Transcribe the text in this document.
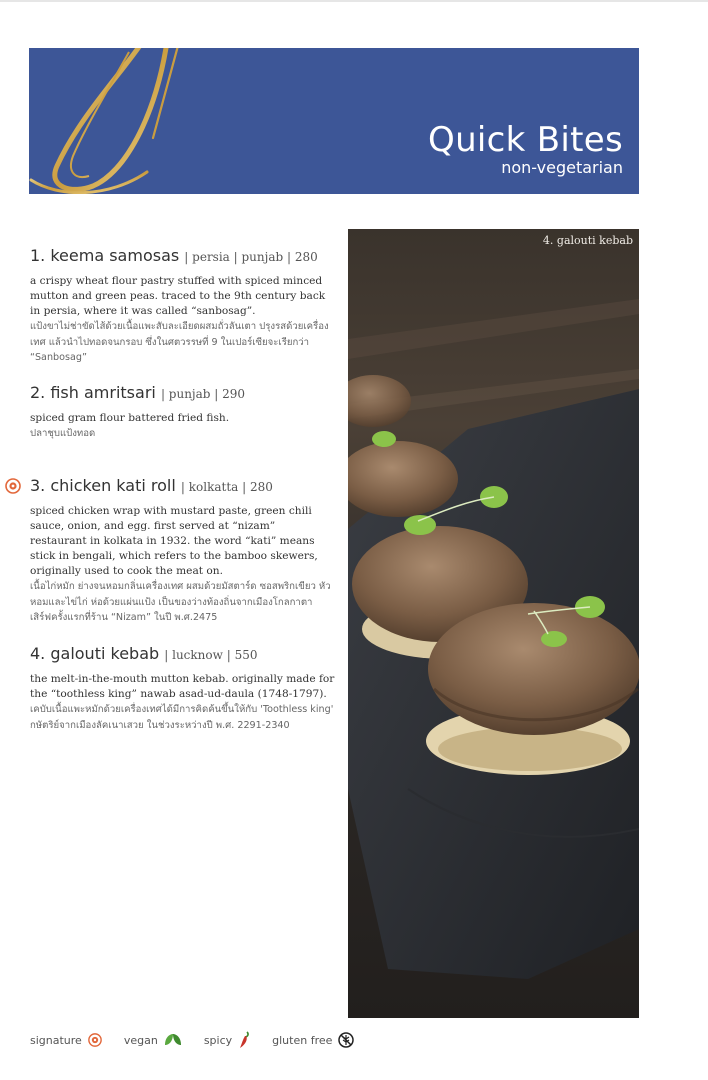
Quick Bites
non-vegetarian
1. keema samosas | persia | punjab | 280
a crispy wheat flour pastry stuffed with spiced minced mutton and green peas. traced to the 9th century back in persia, where it was called “sanbosag”.
แป้งขาไม่ช่าขัดไส้ด้วยเนื้อแพะสับละเอียดผสมถั่วลันเตา ปรุงรสด้วยเครื่องเทศ แล้วนำไปทอดจนกรอบ ซึ่งในศตวรรษที่ 9 ในเปอร์เซียจะเรียกว่า “Sanbosag”
2. fish amritsari | punjab | 290
spiced gram flour battered fried fish.
ปลาชุบแป้งทอด
3. chicken kati roll | kolkatta | 280
spiced chicken wrap with mustard paste, green chili sauce, onion, and egg. first served at “nizam” restaurant in kolkata in 1932. the word “kati” means stick in bengali, which refers to the bamboo skewers, originally used to cook the meat on.
เนื้อไก่หมัก ย่างจนหอมกลิ่นเครื่องเทศ ผสมด้วยมัสตาร์ด ซอสพริกเขียว หัวหอมและไข่ไก่ ห่อด้วยแผ่นแป้ง เป็นของว่างท้องถิ่นจากเมืองโกลกาตา เสิร์ฟครั้งแรกที่ร้าน “Nizam” ในปี พ.ศ.2475
4. galouti kebab | lucknow | 550
the melt-in-the-mouth mutton kebab. originally made for the “toothless king” nawab asad-ud-daula (1748-1797).
เคบับเนื้อแพะหมักด้วยเครื่องเทศได้มีการคิดค้นขึ้นให้กับ 'Toothless king' กษัตริย์จากเมืองลัคเนาเสวย ในช่วงระหว่างปี พ.ศ. 2291-2340
4. galouti kebab
signature	vegan	spicy	gluten free
